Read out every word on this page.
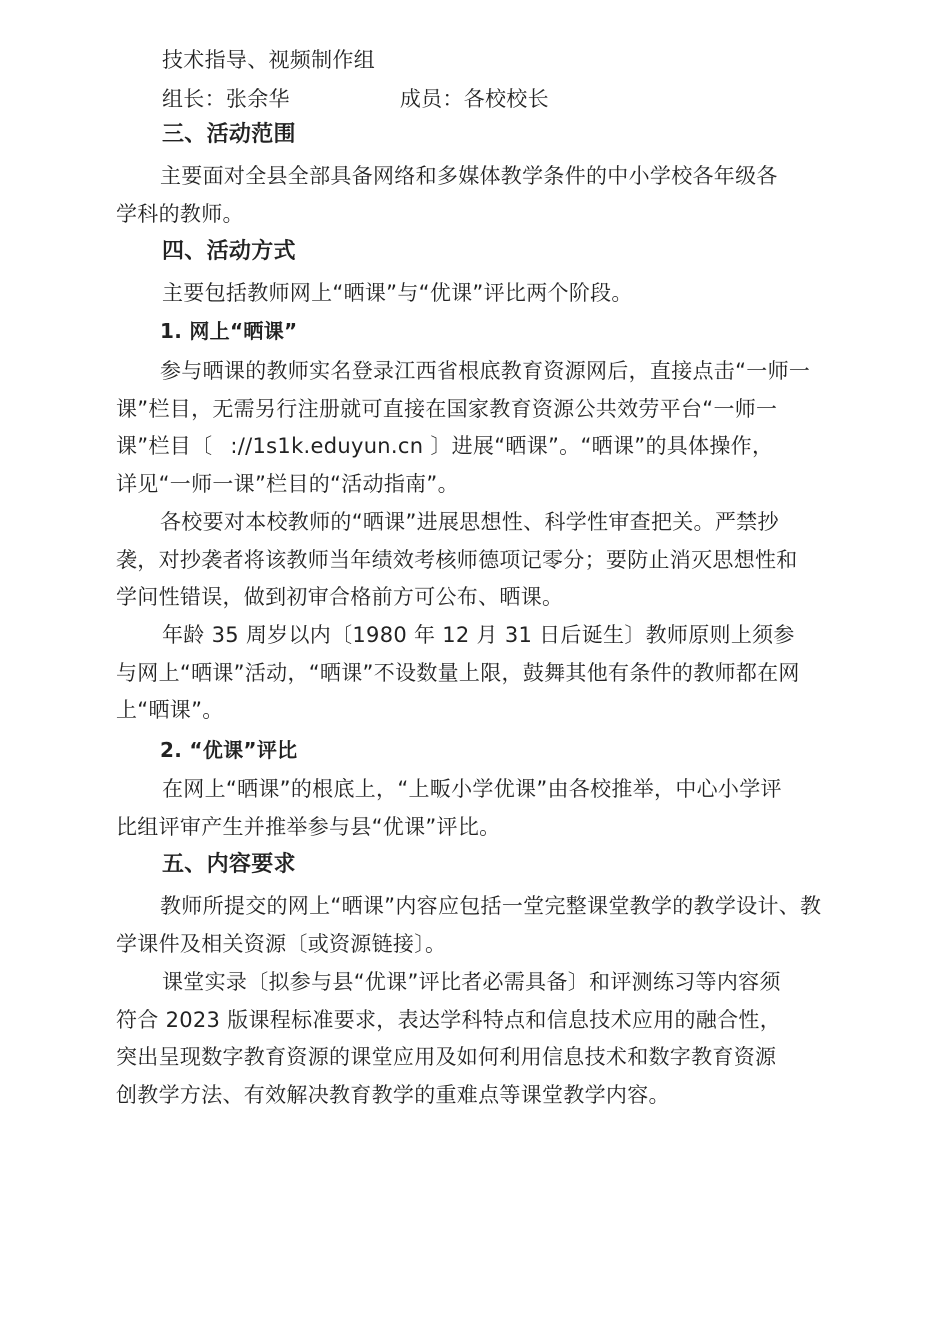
技术指导、视频制作组
组长：张余华	成员：各校校长
三、活动范围
主要面对全县全部具备网络和多媒体教学条件的中小学校各年级各
学科的教师。
四、活动方式
主要包括教师网上“晒课”与“优课”评比两个阶段。
1. 网上“晒课”
参与晒课的教师实名登录江西省根底教育资源网后，直接点击“一师一
课”栏目，无需另行注册就可直接在国家教育资源公共效劳平台“一师一
课”栏目〔 ://1s1k.eduyun.cn 〕进展“晒课”。“晒课”的具体操作，
详见“一师一课”栏目的“活动指南”。
各校要对本校教师的“晒课”进展思想性、科学性审查把关。严禁抄
袭，对抄袭者将该教师当年绩效考核师德项记零分；要防止消灭思想性和
学问性错误，做到初审合格前方可公布、晒课。
年龄 35 周岁以内〔1980 年 12 月 31 日后诞生〕教师原则上须参
与网上“晒课”活动，“晒课”不设数量上限，鼓舞其他有条件的教师都在网
上“晒课”。
2. “优课”评比
在网上“晒课”的根底上，“上畈小学优课”由各校推举，中心小学评
比组评审产生并推举参与县“优课”评比。
五、内容要求
教师所提交的网上“晒课”内容应包括一堂完整课堂教学的教学设计、教
学课件及相关资源〔或资源链接〕。
课堂实录〔拟参与县“优课”评比者必需具备〕和评测练习等内容须
符合 2023 版课程标准要求，表达学科特点和信息技术应用的融合性，
突出呈现数字教育资源的课堂应用及如何利用信息技术和数字教育资源
创教学方法、有效解决教育教学的重难点等课堂教学内容。
